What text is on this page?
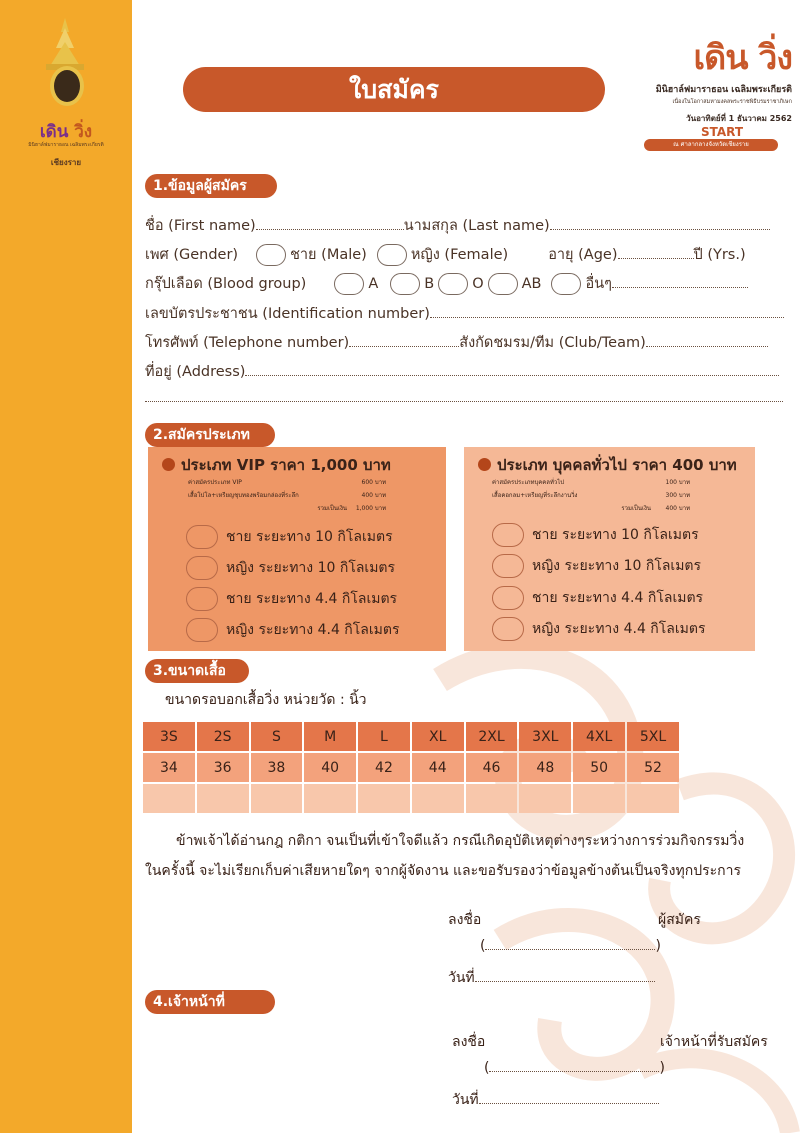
เดิน วิ่ง
มินิฮาล์ฟมาราธอน เฉลิมพระเกียรติ
เชียงราย
ใบสมัคร
เดิน วิ่ง
มินิฮาล์ฟมาราธอน เฉลิมพระเกียรติ
เนื่องในโอกาสมหามงคลพระราชพิธีบรมราชาภิเษก
วันอาทิตย์ที่ 1 ธันวาคม 2562
START
ณ ศาลากลางจังหวัดเชียงราย
1.ข้อมูลผู้สมัคร
ชื่อ (First name)	นามสกุล (Last name)
เพศ (Gender)	ชาย (Male)	หญิง (Female)	อายุ (Age)	ปี (Yrs.)
กรุ๊ปเลือด (Blood group)	A	B	O	AB	อื่นๆ
เลขบัตรประชาชน (Identification number)
โทรศัพท์ (Telephone number)	สังกัดชมรม/ทีม (Club/Team)
ที่อยู่ (Address)
2.สมัครประเภท
ประเภท VIP ราคา 1,000 บาท
ค่าสมัครประเภท VIP	600 บาท
เสื้อโปโล+เหรียญชุบทองพร้อมกล่องที่ระลึก	400 บาท
รวมเป็นเงิน 1,000 บาท
ชาย ระยะทาง 10 กิโลเมตร
หญิง ระยะทาง 10 กิโลเมตร
ชาย ระยะทาง 4.4 กิโลเมตร
หญิง ระยะทาง 4.4 กิโลเมตร
ประเภท บุคคลทั่วไป ราคา 400 บาท
ค่าสมัครประเภทบุคคลทั่วไป	100 บาท
เสื้อคอกลม+เหรียญที่ระลึกงานวิ่ง	300 บาท
รวมเป็นเงิน 400 บาท
ชาย ระยะทาง 10 กิโลเมตร
หญิง ระยะทาง 10 กิโลเมตร
ชาย ระยะทาง 4.4 กิโลเมตร
หญิง ระยะทาง 4.4 กิโลเมตร
3.ขนาดเสื้อ
ขนาดรอบอกเสื้อวิ่ง หน่วยวัด : นิ้ว
3S	2S	S	M	L	XL	2XL	3XL	4XL	5XL
34	36	38	40	42	44	46	48	50	52

ข้าพเจ้าได้อ่านกฎ กติกา จนเป็นที่เข้าใจดีแล้ว กรณีเกิดอุบัติเหตุต่างๆระหว่างการร่วมกิจกรรมวิ่ง
ในครั้งนี้ จะไม่เรียกเก็บค่าเสียหายใดๆ จากผู้จัดงาน และขอรับรองว่าข้อมูลข้างต้นเป็นจริงทุกประการ
ลงชื่อ	ผู้สมัคร
(	)
วันที่
4.เจ้าหน้าที่
ลงชื่อ	เจ้าหน้าที่รับสมัคร
(	)
วันที่
